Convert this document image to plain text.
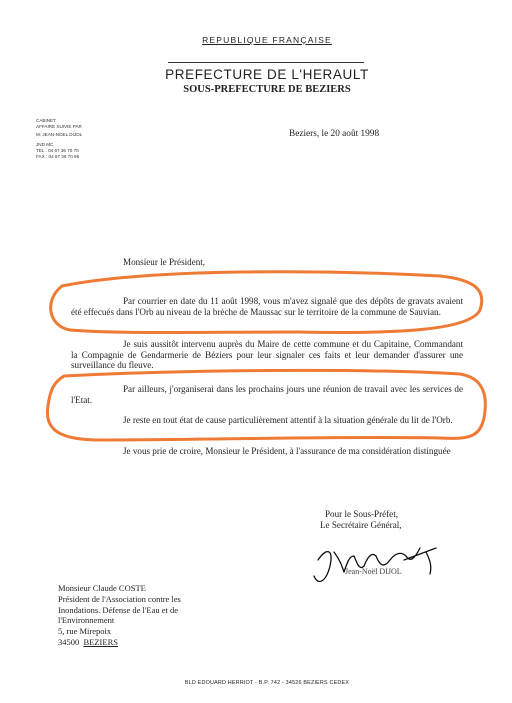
REPUBLIQUE FRANÇAISE
PREFECTURE DE L'HERAULT
SOUS-PREFECTURE DE BEZIERS
CABINET
AFFAIRE SUIVIE PAR
M. JEAN-NOEL DIJOL
JND MC
TEL : 04 67 36 70 70
FAX : 04 67 36 70 96
Beziers, le 20 août 1998
Monsieur le Président,
Par courrier en date du 11 août 1998, vous m'avez signalé que des dépôts de gravats avaient été effecués dans l'Orb au niveau de la brèche de Maussac sur le territoire de la commune de Sauvian.
Je suis aussitôt intervenu auprès du Maire de cette commune et du Capitaine, Commandant la Compagnie de Gendarmerie de Béziers pour leur signaler ces faits et leur demander d'assurer une surveillance du fleuve.
Par ailleurs, j'organiserai dans les prochains jours une réunion de travail avec les services de l'Etat.
Je reste en tout état de cause particulièrement attentif à la situation générale du lit de l'Orb.
Je vous prie de croire, Monsieur le Président, à l'assurance de ma considération distinguée
Pour le Sous-Préfet,
Le Secrétaire Général,
Jean-Noël DIJOL
Monsieur Claude COSTE
Président de l'Association contre les
Inondations. Défense de l'Eau et de
l'Environnement
5, rue Mirepoix
34500 BEZIERS
BLD EDOUARD HERRIOT - B.P. 742 - 34526 BEZIERS CEDEX
